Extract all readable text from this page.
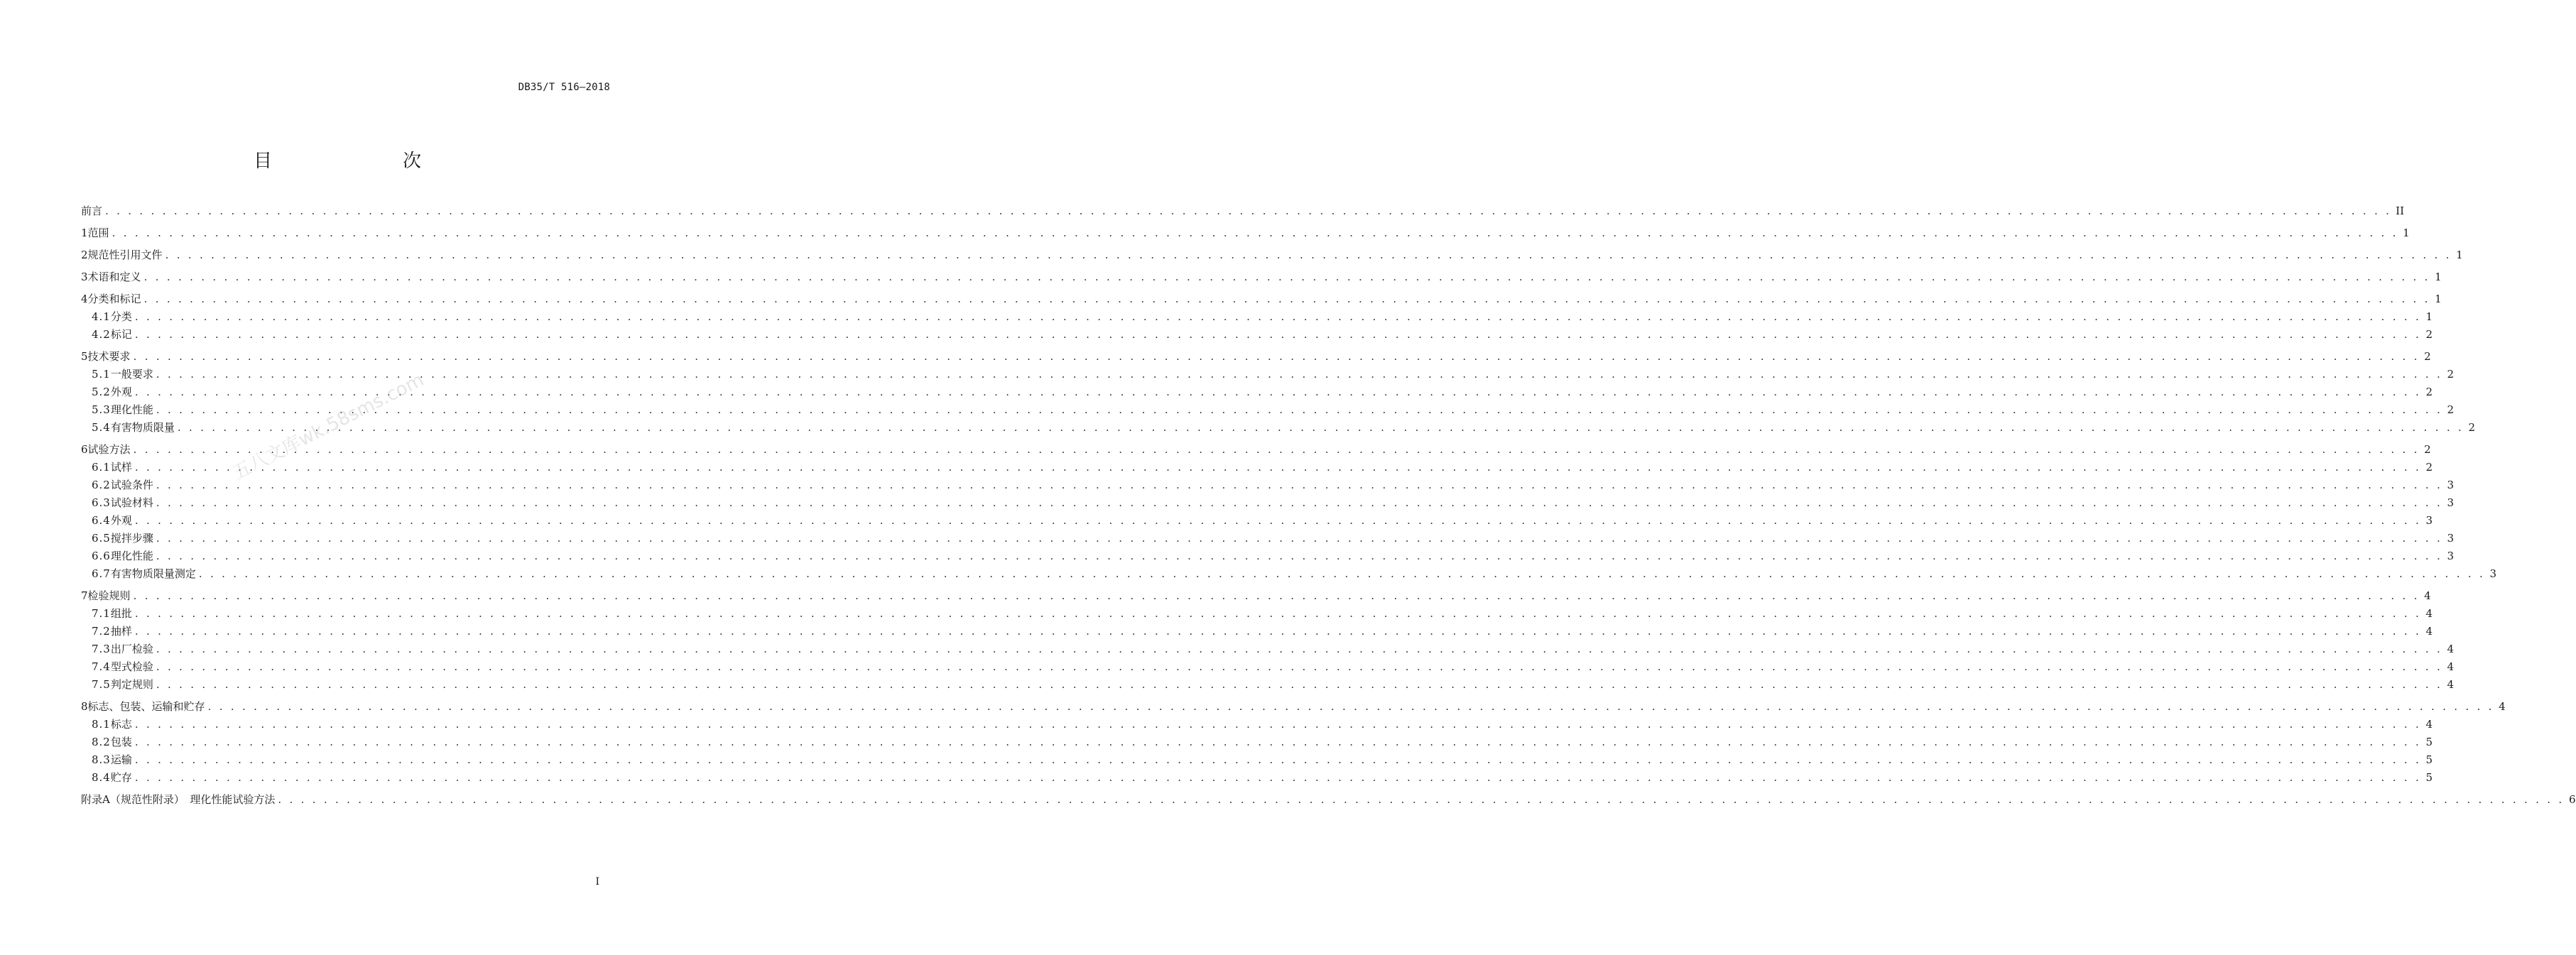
DB35/T 516—2018
目　　次
前言 . . . . . . . . . . . . . . . . . . . . . . . . . . . . . . . . . . . . . . . . . . . . . . . . . . . . . . . . . . . . . . . . . . . . . . . . . . . . . . . . . . . . . . . . . . . . . . . . . . . . . . . . . . . . . . . . . . . . . . . . . . . . . . . . . . . . . . . . . . . . . . . . . . . . . . . . . . . . . . . . . . . . . . . . . . . . . . . . . . . . . . . . . . . . . . . . . . . . . . . . II
1 范围 . . . . . . . . . . . . . . . . . . . . . . . . . . . . . . . . . . . . . . . . . . . . . . . . . . . . . . . . . . . . . . . . . . . . . . . . . . . . . . . . . . . . . . . . . . . . . . . . . . . . . . . . . . . . . . . . . . . . . . . . . . . . . . . . . . . . . . . . . . . . . . . . . . . . . . . . . . . . . . . . . . . . . . . . . . . . . . . . . . . . . . . . . . . . . . . . . . . . . . . . 1
2 规范性引用文件 . . . . . . . . . . . . . . . . . . . . . . . . . . . . . . . . . . . . . . . . . . . . . . . . . . . . . . . . . . . . . . . . . . . . . . . . . . . . . . . . . . . . . . . . . . . . . . . . . . . . . . . . . . . . . . . . . . . . . . . . . . . . . . . . . . . . . . . . . . . . . . . . . . . . . . . . . . . . . . . . . . . . . . . . . . . . . . . . . . . . . . . . . . . . . . . . . . . . . . . . 1
3 术语和定义 . . . . . . . . . . . . . . . . . . . . . . . . . . . . . . . . . . . . . . . . . . . . . . . . . . . . . . . . . . . . . . . . . . . . . . . . . . . . . . . . . . . . . . . . . . . . . . . . . . . . . . . . . . . . . . . . . . . . . . . . . . . . . . . . . . . . . . . . . . . . . . . . . . . . . . . . . . . . . . . . . . . . . . . . . . . . . . . . . . . . . . . . . . . . . . . . . . . . . . . . 1
4 分类和标记 . . . . . . . . . . . . . . . . . . . . . . . . . . . . . . . . . . . . . . . . . . . . . . . . . . . . . . . . . . . . . . . . . . . . . . . . . . . . . . . . . . . . . . . . . . . . . . . . . . . . . . . . . . . . . . . . . . . . . . . . . . . . . . . . . . . . . . . . . . . . . . . . . . . . . . . . . . . . . . . . . . . . . . . . . . . . . . . . . . . . . . . . . . . . . . . . . . . . . . . . 1
4.1 分类 . . . . . . . . . . . . . . . . . . . . . . . . . . . . . . . . . . . . . . . . . . . . . . . . . . . . . . . . . . . . . . . . . . . . . . . . . . . . . . . . . . . . . . . . . . . . . . . . . . . . . . . . . . . . . . . . . . . . . . . . . . . . . . . . . . . . . . . . . . . . . . . . . . . . . . . . . . . . . . . . . . . . . . . . . . . . . . . . . . . . . . . . . . . . . . . . . . . . . . . . 1
4.2 标记 . . . . . . . . . . . . . . . . . . . . . . . . . . . . . . . . . . . . . . . . . . . . . . . . . . . . . . . . . . . . . . . . . . . . . . . . . . . . . . . . . . . . . . . . . . . . . . . . . . . . . . . . . . . . . . . . . . . . . . . . . . . . . . . . . . . . . . . . . . . . . . . . . . . . . . . . . . . . . . . . . . . . . . . . . . . . . . . . . . . . . . . . . . . . . . . . . . . . . . . . 2
5 技术要求 . . . . . . . . . . . . . . . . . . . . . . . . . . . . . . . . . . . . . . . . . . . . . . . . . . . . . . . . . . . . . . . . . . . . . . . . . . . . . . . . . . . . . . . . . . . . . . . . . . . . . . . . . . . . . . . . . . . . . . . . . . . . . . . . . . . . . . . . . . . . . . . . . . . . . . . . . . . . . . . . . . . . . . . . . . . . . . . . . . . . . . . . . . . . . . . . . . . . . . . . 2
5.1 一般要求 . . . . . . . . . . . . . . . . . . . . . . . . . . . . . . . . . . . . . . . . . . . . . . . . . . . . . . . . . . . . . . . . . . . . . . . . . . . . . . . . . . . . . . . . . . . . . . . . . . . . . . . . . . . . . . . . . . . . . . . . . . . . . . . . . . . . . . . . . . . . . . . . . . . . . . . . . . . . . . . . . . . . . . . . . . . . . . . . . . . . . . . . . . . . . . . . . . . . . . . . 2
5.2 外观 . . . . . . . . . . . . . . . . . . . . . . . . . . . . . . . . . . . . . . . . . . . . . . . . . . . . . . . . . . . . . . . . . . . . . . . . . . . . . . . . . . . . . . . . . . . . . . . . . . . . . . . . . . . . . . . . . . . . . . . . . . . . . . . . . . . . . . . . . . . . . . . . . . . . . . . . . . . . . . . . . . . . . . . . . . . . . . . . . . . . . . . . . . . . . . . . . . . . . . . . 2
5.3 理化性能 . . . . . . . . . . . . . . . . . . . . . . . . . . . . . . . . . . . . . . . . . . . . . . . . . . . . . . . . . . . . . . . . . . . . . . . . . . . . . . . . . . . . . . . . . . . . . . . . . . . . . . . . . . . . . . . . . . . . . . . . . . . . . . . . . . . . . . . . . . . . . . . . . . . . . . . . . . . . . . . . . . . . . . . . . . . . . . . . . . . . . . . . . . . . . . . . . . . . . . . . 2
5.4 有害物质限量 . . . . . . . . . . . . . . . . . . . . . . . . . . . . . . . . . . . . . . . . . . . . . . . . . . . . . . . . . . . . . . . . . . . . . . . . . . . . . . . . . . . . . . . . . . . . . . . . . . . . . . . . . . . . . . . . . . . . . . . . . . . . . . . . . . . . . . . . . . . . . . . . . . . . . . . . . . . . . . . . . . . . . . . . . . . . . . . . . . . . . . . . . . . . . . . . . . . . . . . . 2
6 试验方法 . . . . . . . . . . . . . . . . . . . . . . . . . . . . . . . . . . . . . . . . . . . . . . . . . . . . . . . . . . . . . . . . . . . . . . . . . . . . . . . . . . . . . . . . . . . . . . . . . . . . . . . . . . . . . . . . . . . . . . . . . . . . . . . . . . . . . . . . . . . . . . . . . . . . . . . . . . . . . . . . . . . . . . . . . . . . . . . . . . . . . . . . . . . . . . . . . . . . . . . . 2
6.1 试样 . . . . . . . . . . . . . . . . . . . . . . . . . . . . . . . . . . . . . . . . . . . . . . . . . . . . . . . . . . . . . . . . . . . . . . . . . . . . . . . . . . . . . . . . . . . . . . . . . . . . . . . . . . . . . . . . . . . . . . . . . . . . . . . . . . . . . . . . . . . . . . . . . . . . . . . . . . . . . . . . . . . . . . . . . . . . . . . . . . . . . . . . . . . . . . . . . . . . . . . . 2
6.2 试验条件 . . . . . . . . . . . . . . . . . . . . . . . . . . . . . . . . . . . . . . . . . . . . . . . . . . . . . . . . . . . . . . . . . . . . . . . . . . . . . . . . . . . . . . . . . . . . . . . . . . . . . . . . . . . . . . . . . . . . . . . . . . . . . . . . . . . . . . . . . . . . . . . . . . . . . . . . . . . . . . . . . . . . . . . . . . . . . . . . . . . . . . . . . . . . . . . . . . . . . . . . 3
6.3 试验材料 . . . . . . . . . . . . . . . . . . . . . . . . . . . . . . . . . . . . . . . . . . . . . . . . . . . . . . . . . . . . . . . . . . . . . . . . . . . . . . . . . . . . . . . . . . . . . . . . . . . . . . . . . . . . . . . . . . . . . . . . . . . . . . . . . . . . . . . . . . . . . . . . . . . . . . . . . . . . . . . . . . . . . . . . . . . . . . . . . . . . . . . . . . . . . . . . . . . . . . . . 3
6.4 外观 . . . . . . . . . . . . . . . . . . . . . . . . . . . . . . . . . . . . . . . . . . . . . . . . . . . . . . . . . . . . . . . . . . . . . . . . . . . . . . . . . . . . . . . . . . . . . . . . . . . . . . . . . . . . . . . . . . . . . . . . . . . . . . . . . . . . . . . . . . . . . . . . . . . . . . . . . . . . . . . . . . . . . . . . . . . . . . . . . . . . . . . . . . . . . . . . . . . . . . . . 3
6.5 搅拌步骤 . . . . . . . . . . . . . . . . . . . . . . . . . . . . . . . . . . . . . . . . . . . . . . . . . . . . . . . . . . . . . . . . . . . . . . . . . . . . . . . . . . . . . . . . . . . . . . . . . . . . . . . . . . . . . . . . . . . . . . . . . . . . . . . . . . . . . . . . . . . . . . . . . . . . . . . . . . . . . . . . . . . . . . . . . . . . . . . . . . . . . . . . . . . . . . . . . . . . . . . . 3
6.6 理化性能 . . . . . . . . . . . . . . . . . . . . . . . . . . . . . . . . . . . . . . . . . . . . . . . . . . . . . . . . . . . . . . . . . . . . . . . . . . . . . . . . . . . . . . . . . . . . . . . . . . . . . . . . . . . . . . . . . . . . . . . . . . . . . . . . . . . . . . . . . . . . . . . . . . . . . . . . . . . . . . . . . . . . . . . . . . . . . . . . . . . . . . . . . . . . . . . . . . . . . . . . 3
6.7 有害物质限量测定 . . . . . . . . . . . . . . . . . . . . . . . . . . . . . . . . . . . . . . . . . . . . . . . . . . . . . . . . . . . . . . . . . . . . . . . . . . . . . . . . . . . . . . . . . . . . . . . . . . . . . . . . . . . . . . . . . . . . . . . . . . . . . . . . . . . . . . . . . . . . . . . . . . . . . . . . . . . . . . . . . . . . . . . . . . . . . . . . . . . . . . . . . . . . . . . . . . . . . . . . 3
7 检验规则 . . . . . . . . . . . . . . . . . . . . . . . . . . . . . . . . . . . . . . . . . . . . . . . . . . . . . . . . . . . . . . . . . . . . . . . . . . . . . . . . . . . . . . . . . . . . . . . . . . . . . . . . . . . . . . . . . . . . . . . . . . . . . . . . . . . . . . . . . . . . . . . . . . . . . . . . . . . . . . . . . . . . . . . . . . . . . . . . . . . . . . . . . . . . . . . . . . . . . . . . 4
7.1 组批 . . . . . . . . . . . . . . . . . . . . . . . . . . . . . . . . . . . . . . . . . . . . . . . . . . . . . . . . . . . . . . . . . . . . . . . . . . . . . . . . . . . . . . . . . . . . . . . . . . . . . . . . . . . . . . . . . . . . . . . . . . . . . . . . . . . . . . . . . . . . . . . . . . . . . . . . . . . . . . . . . . . . . . . . . . . . . . . . . . . . . . . . . . . . . . . . . . . . . . . . 4
7.2 抽样 . . . . . . . . . . . . . . . . . . . . . . . . . . . . . . . . . . . . . . . . . . . . . . . . . . . . . . . . . . . . . . . . . . . . . . . . . . . . . . . . . . . . . . . . . . . . . . . . . . . . . . . . . . . . . . . . . . . . . . . . . . . . . . . . . . . . . . . . . . . . . . . . . . . . . . . . . . . . . . . . . . . . . . . . . . . . . . . . . . . . . . . . . . . . . . . . . . . . . . . . 4
7.3 出厂检验 . . . . . . . . . . . . . . . . . . . . . . . . . . . . . . . . . . . . . . . . . . . . . . . . . . . . . . . . . . . . . . . . . . . . . . . . . . . . . . . . . . . . . . . . . . . . . . . . . . . . . . . . . . . . . . . . . . . . . . . . . . . . . . . . . . . . . . . . . . . . . . . . . . . . . . . . . . . . . . . . . . . . . . . . . . . . . . . . . . . . . . . . . . . . . . . . . . . . . . . . 4
7.4 型式检验 . . . . . . . . . . . . . . . . . . . . . . . . . . . . . . . . . . . . . . . . . . . . . . . . . . . . . . . . . . . . . . . . . . . . . . . . . . . . . . . . . . . . . . . . . . . . . . . . . . . . . . . . . . . . . . . . . . . . . . . . . . . . . . . . . . . . . . . . . . . . . . . . . . . . . . . . . . . . . . . . . . . . . . . . . . . . . . . . . . . . . . . . . . . . . . . . . . . . . . . . 4
7.5 判定规则 . . . . . . . . . . . . . . . . . . . . . . . . . . . . . . . . . . . . . . . . . . . . . . . . . . . . . . . . . . . . . . . . . . . . . . . . . . . . . . . . . . . . . . . . . . . . . . . . . . . . . . . . . . . . . . . . . . . . . . . . . . . . . . . . . . . . . . . . . . . . . . . . . . . . . . . . . . . . . . . . . . . . . . . . . . . . . . . . . . . . . . . . . . . . . . . . . . . . . . . . 4
8 标志、包装、运输和贮存 . . . . . . . . . . . . . . . . . . . . . . . . . . . . . . . . . . . . . . . . . . . . . . . . . . . . . . . . . . . . . . . . . . . . . . . . . . . . . . . . . . . . . . . . . . . . . . . . . . . . . . . . . . . . . . . . . . . . . . . . . . . . . . . . . . . . . . . . . . . . . . . . . . . . . . . . . . . . . . . . . . . . . . . . . . . . . . . . . . . . . . . . . . . . . . . . . . . . . . . . 4
8.1 标志 . . . . . . . . . . . . . . . . . . . . . . . . . . . . . . . . . . . . . . . . . . . . . . . . . . . . . . . . . . . . . . . . . . . . . . . . . . . . . . . . . . . . . . . . . . . . . . . . . . . . . . . . . . . . . . . . . . . . . . . . . . . . . . . . . . . . . . . . . . . . . . . . . . . . . . . . . . . . . . . . . . . . . . . . . . . . . . . . . . . . . . . . . . . . . . . . . . . . . . . . 4
8.2 包装 . . . . . . . . . . . . . . . . . . . . . . . . . . . . . . . . . . . . . . . . . . . . . . . . . . . . . . . . . . . . . . . . . . . . . . . . . . . . . . . . . . . . . . . . . . . . . . . . . . . . . . . . . . . . . . . . . . . . . . . . . . . . . . . . . . . . . . . . . . . . . . . . . . . . . . . . . . . . . . . . . . . . . . . . . . . . . . . . . . . . . . . . . . . . . . . . . . . . . . . . 5
8.3 运输 . . . . . . . . . . . . . . . . . . . . . . . . . . . . . . . . . . . . . . . . . . . . . . . . . . . . . . . . . . . . . . . . . . . . . . . . . . . . . . . . . . . . . . . . . . . . . . . . . . . . . . . . . . . . . . . . . . . . . . . . . . . . . . . . . . . . . . . . . . . . . . . . . . . . . . . . . . . . . . . . . . . . . . . . . . . . . . . . . . . . . . . . . . . . . . . . . . . . . . . . 5
8.4 贮存 . . . . . . . . . . . . . . . . . . . . . . . . . . . . . . . . . . . . . . . . . . . . . . . . . . . . . . . . . . . . . . . . . . . . . . . . . . . . . . . . . . . . . . . . . . . . . . . . . . . . . . . . . . . . . . . . . . . . . . . . . . . . . . . . . . . . . . . . . . . . . . . . . . . . . . . . . . . . . . . . . . . . . . . . . . . . . . . . . . . . . . . . . . . . . . . . . . . . . . . . 5
附录A（规范性附录）　理化性能试验方法 . . . . . . . . . . . . . . . . . . . . . . . . . . . . . . . . . . . . . . . . . . . . . . . . . . . . . . . . . . . . . . . . . . . . . . . . . . . . . . . . . . . . . . . . . . . . . . . . . . . . . . . . . . . . . . . . . . . . . . . . . . . . . . . . . . . . . . . . . . . . . . . . . . . . . . . . . . . . . . . . . . . . . . . . . . . . . . . . . . . . . . . . . . . . . . . . . . . . . . . . 6
五八文库wk.58sms.com
I
